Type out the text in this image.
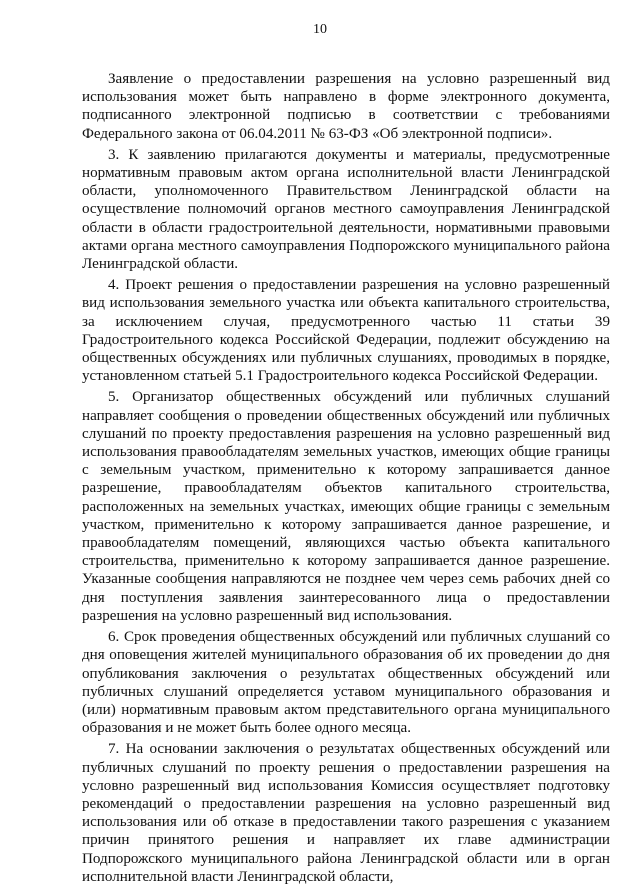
10

Заявление о предоставлении разрешения на условно разрешенный вид использования может быть направлено в форме электронного документа, подписанного электронной подписью в соответствии с требованиями Федерального закона от 06.04.2011 № 63-ФЗ «Об электронной подписи».

3. К заявлению прилагаются документы и материалы, предусмотренные нормативным правовым актом органа исполнительной власти Ленинградской области, уполномоченного Правительством Ленинградской области на осуществление полномочий органов местного самоуправления Ленинградской области в области градостроительной деятельности, нормативными правовыми актами органа местного самоуправления Подпорожского муниципального района Ленинградской области.

4. Проект решения о предоставлении разрешения на условно разрешенный вид использования земельного участка или объекта капитального строительства, за исключением случая, предусмотренного частью 11 статьи 39 Градостроительного кодекса Российской Федерации, подлежит обсуждению на общественных обсуждениях или публичных слушаниях, проводимых в порядке, установленном статьей 5.1 Градостроительного кодекса Российской Федерации.

5. Организатор общественных обсуждений или публичных слушаний направляет сообщения о проведении общественных обсуждений или публичных слушаний по проекту предоставления разрешения на условно разрешенный вид использования правообладателям земельных участков, имеющих общие границы с земельным участком, применительно к которому запрашивается данное разрешение, правообладателям объектов капитального строительства, расположенных на земельных участках, имеющих общие границы с земельным участком, применительно к которому запрашивается данное разрешение, и правообладателям помещений, являющихся частью объекта капитального строительства, применительно к которому запрашивается данное разрешение. Указанные сообщения направляются не позднее чем через семь рабочих дней со дня поступления заявления заинтересованного лица о предоставлении разрешения на условно разрешенный вид использования.

6. Срок проведения общественных обсуждений или публичных слушаний со дня оповещения жителей муниципального образования об их проведении до дня опубликования заключения о результатах общественных обсуждений или публичных слушаний определяется уставом муниципального образования и (или) нормативным правовым актом представительного органа муниципального образования и не может быть более одного месяца.

7. На основании заключения о результатах общественных обсуждений или публичных слушаний по проекту решения о предоставлении разрешения на условно разрешенный вид использования Комиссия осуществляет подготовку рекомендаций о предоставлении разрешения на условно разрешенный вид использования или об отказе в предоставлении такого разрешения с указанием причин принятого решения и направляет их главе администрации Подпорожского муниципального района Ленинградской области или в орган исполнительной власти Ленинградской области,
